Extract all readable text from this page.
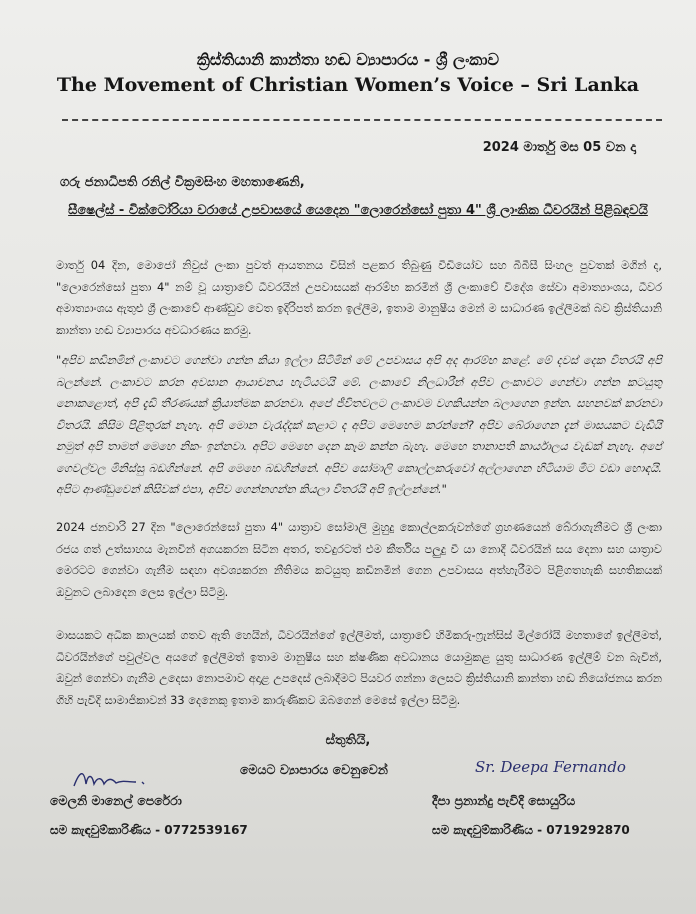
ක්‍රිස්තියානි කාන්තා හඬ ව්‍යාපාරය - ශ්‍රී ලංකාව
The Movement of Christian Women’s Voice – Sri Lanka
2024 මාර්තු මස 05 වන දා
ගරු ජනාධිපති රනිල් වික්‍රමසිංහ මහතාණෙනි,
සීෂෙල්ස් - වික්ටෝරියා වරායේ උපවාසයේ යෙදෙන "ලොරෙන්සෝ පුතා 4" ශ්‍රී ලාංකික ධීවරයින් පිළිබඳවයි
මාර්තු 04 දින, මොජෝ නිවුස් ලංකා පුවත් ආයතනය විසින් පළකර තිබුණු වීඩියෝව සහ බීබීසී සිංහල පුවතක් මගින් ද, "ලොරෙන්සෝ පුතා 4" නම් වූ යාත්‍රාවේ ධීවරයින් උපවාසයක් ආරම්භ කරමින් ශ්‍රී ලංකාවේ විදේශ සේවා අමාත්‍යාංශය, ධීවර අමාත්‍යාංශය ඇතුළු ශ්‍රී ලංකාවේ ආණ්ඩුව වෙත ඉදිරිපත් කරන ඉල්ලීම, ඉතාම මානුෂීය මෙන් ම සාධාරණ ඉල්ලීමක් බව ක්‍රිස්තියානි කාන්තා හඬ ව්‍යාපාරය අවධාරණය කරමු.
"අපිව කඩිනමින් ලංකාවට ගෙන්වා ගන්න කියා ඉල්ලා සිටිමින් මේ උපවාසය අපි අද ආරම්භ කළේ. මේ දවස් දෙක විතරයි අපි බලන්නේ. ලංකාවට කරන අවසාන ආයාචනය හැටියටයි මේ. ලංකාවේ නිලධාරීන් අපිව ලංකාවට ගෙන්වා ගන්න කටයුතු නොකළොත්, අපි දැඩි තීරණයක් ක්‍රියාත්මක කරනවා. අපේ ජීවිතවලට ලංකාවම වගකියන්න බලාගෙන ඉන්න. සහනවක් කරනවා විතරයි. කිසිම පිළිතුරක් නැහැ. අපි මොන වැරැද්දක් කළාට ද අපිට මෙහෙම කරන්නේ? අපිව බේරාගෙන දැන් මාසයකට වැඩියි නමුත් අපි තාමත් මෙහෙ නිකං ඉන්නවා. අපිට මෙහෙ දෙන කෑම කන්න බැහැ. මෙහෙ තානාපති කාර්යාලය වැඩක් නැහැ. අපේ ගෙවල්වල මිනිස්සු බඩගින්නේ. අපි මෙහෙ බඩගින්නේ. අපිව සෝමාලි කොල්ලකරුවෝ අල්ලාගෙන හිටියාම මීට වඩා හොඳයි. අපිට ආණ්ඩුවෙන් කිසිවක් එපා, අපිව ගෙන්නගන්න කියලා විතරයි අපි ඉල්ලන්නේ."
2024 ජනවාරි 27 දින "ලොරෙන්සෝ පුතා 4" යාත්‍රාව සෝමාලි මුහුදු කොල්ලකරුවන්ගේ ග්‍රහණයෙන් බේරාගැනීමට ශ්‍රී ලංකා රජය ගත් උත්සාහය මැනවින් අගයකරන සිටින අතර, තවදුරටත් එම කීර්තිය පලුදු වී යා නොදී ධීවරයින් සය දෙනා සහ යාත්‍රාව මෙරටට ගෙන්වා ගැනීම සඳහා අවශ්‍යකරන නීතිමය කටයුතු කඩිනමින් ගෙන උපවාසය අත්හැරීමට පිළිගතහැකි සහතිකයක් ඔවුනට ලබාදෙන ලෙස ඉල්ලා සිටිමු.
මාසයකට අධික කාලයක් ගතව ඇති හෙයින්, ධීවරයින්ගේ ඉල්ලීමත්, යාත්‍රාවේ හිමිකරු-ෆ්‍රැන්සිස් මිල්රෝයි මහතාගේ ඉල්ලීමත්, ධීවරයින්ගේ පවුල්වල අයගේ ඉල්ලීමත් ඉතාම මානුෂීය සහ ක්ෂණික අවධානය යොමුකළ යුතු සාධාරණ ඉල්ලීම් වන බැවින්, ඔවුන් ගෙන්වා ගැනීම උදෙසා නොපමාව අදාළ උපදෙස් ලබාදීමට පියවර ගන්නා ලෙසට ක්‍රිස්තියානි කාන්තා හඬ නියෝජනය කරන ගිහි පැවිදි සාමාජිකාවන් 33 දෙනෙකු ඉතාම කාරුණිකව ඔබගෙන් මෙසේ ඉල්ලා සිටිමු.
ස්තුතියි,
මෙයට ව්‍යාපාරය වෙනුවෙන්	Sr. Deepa Fernando
මෙලනි මානෙල් පෙරේරා	දීපා ප්‍රනාන්දු පැවිදි සොයුරිය
සම කැඳවුම්කාරිණිය - 0772539167	සම කැඳවුම්කාරිණිය - 0719292870
